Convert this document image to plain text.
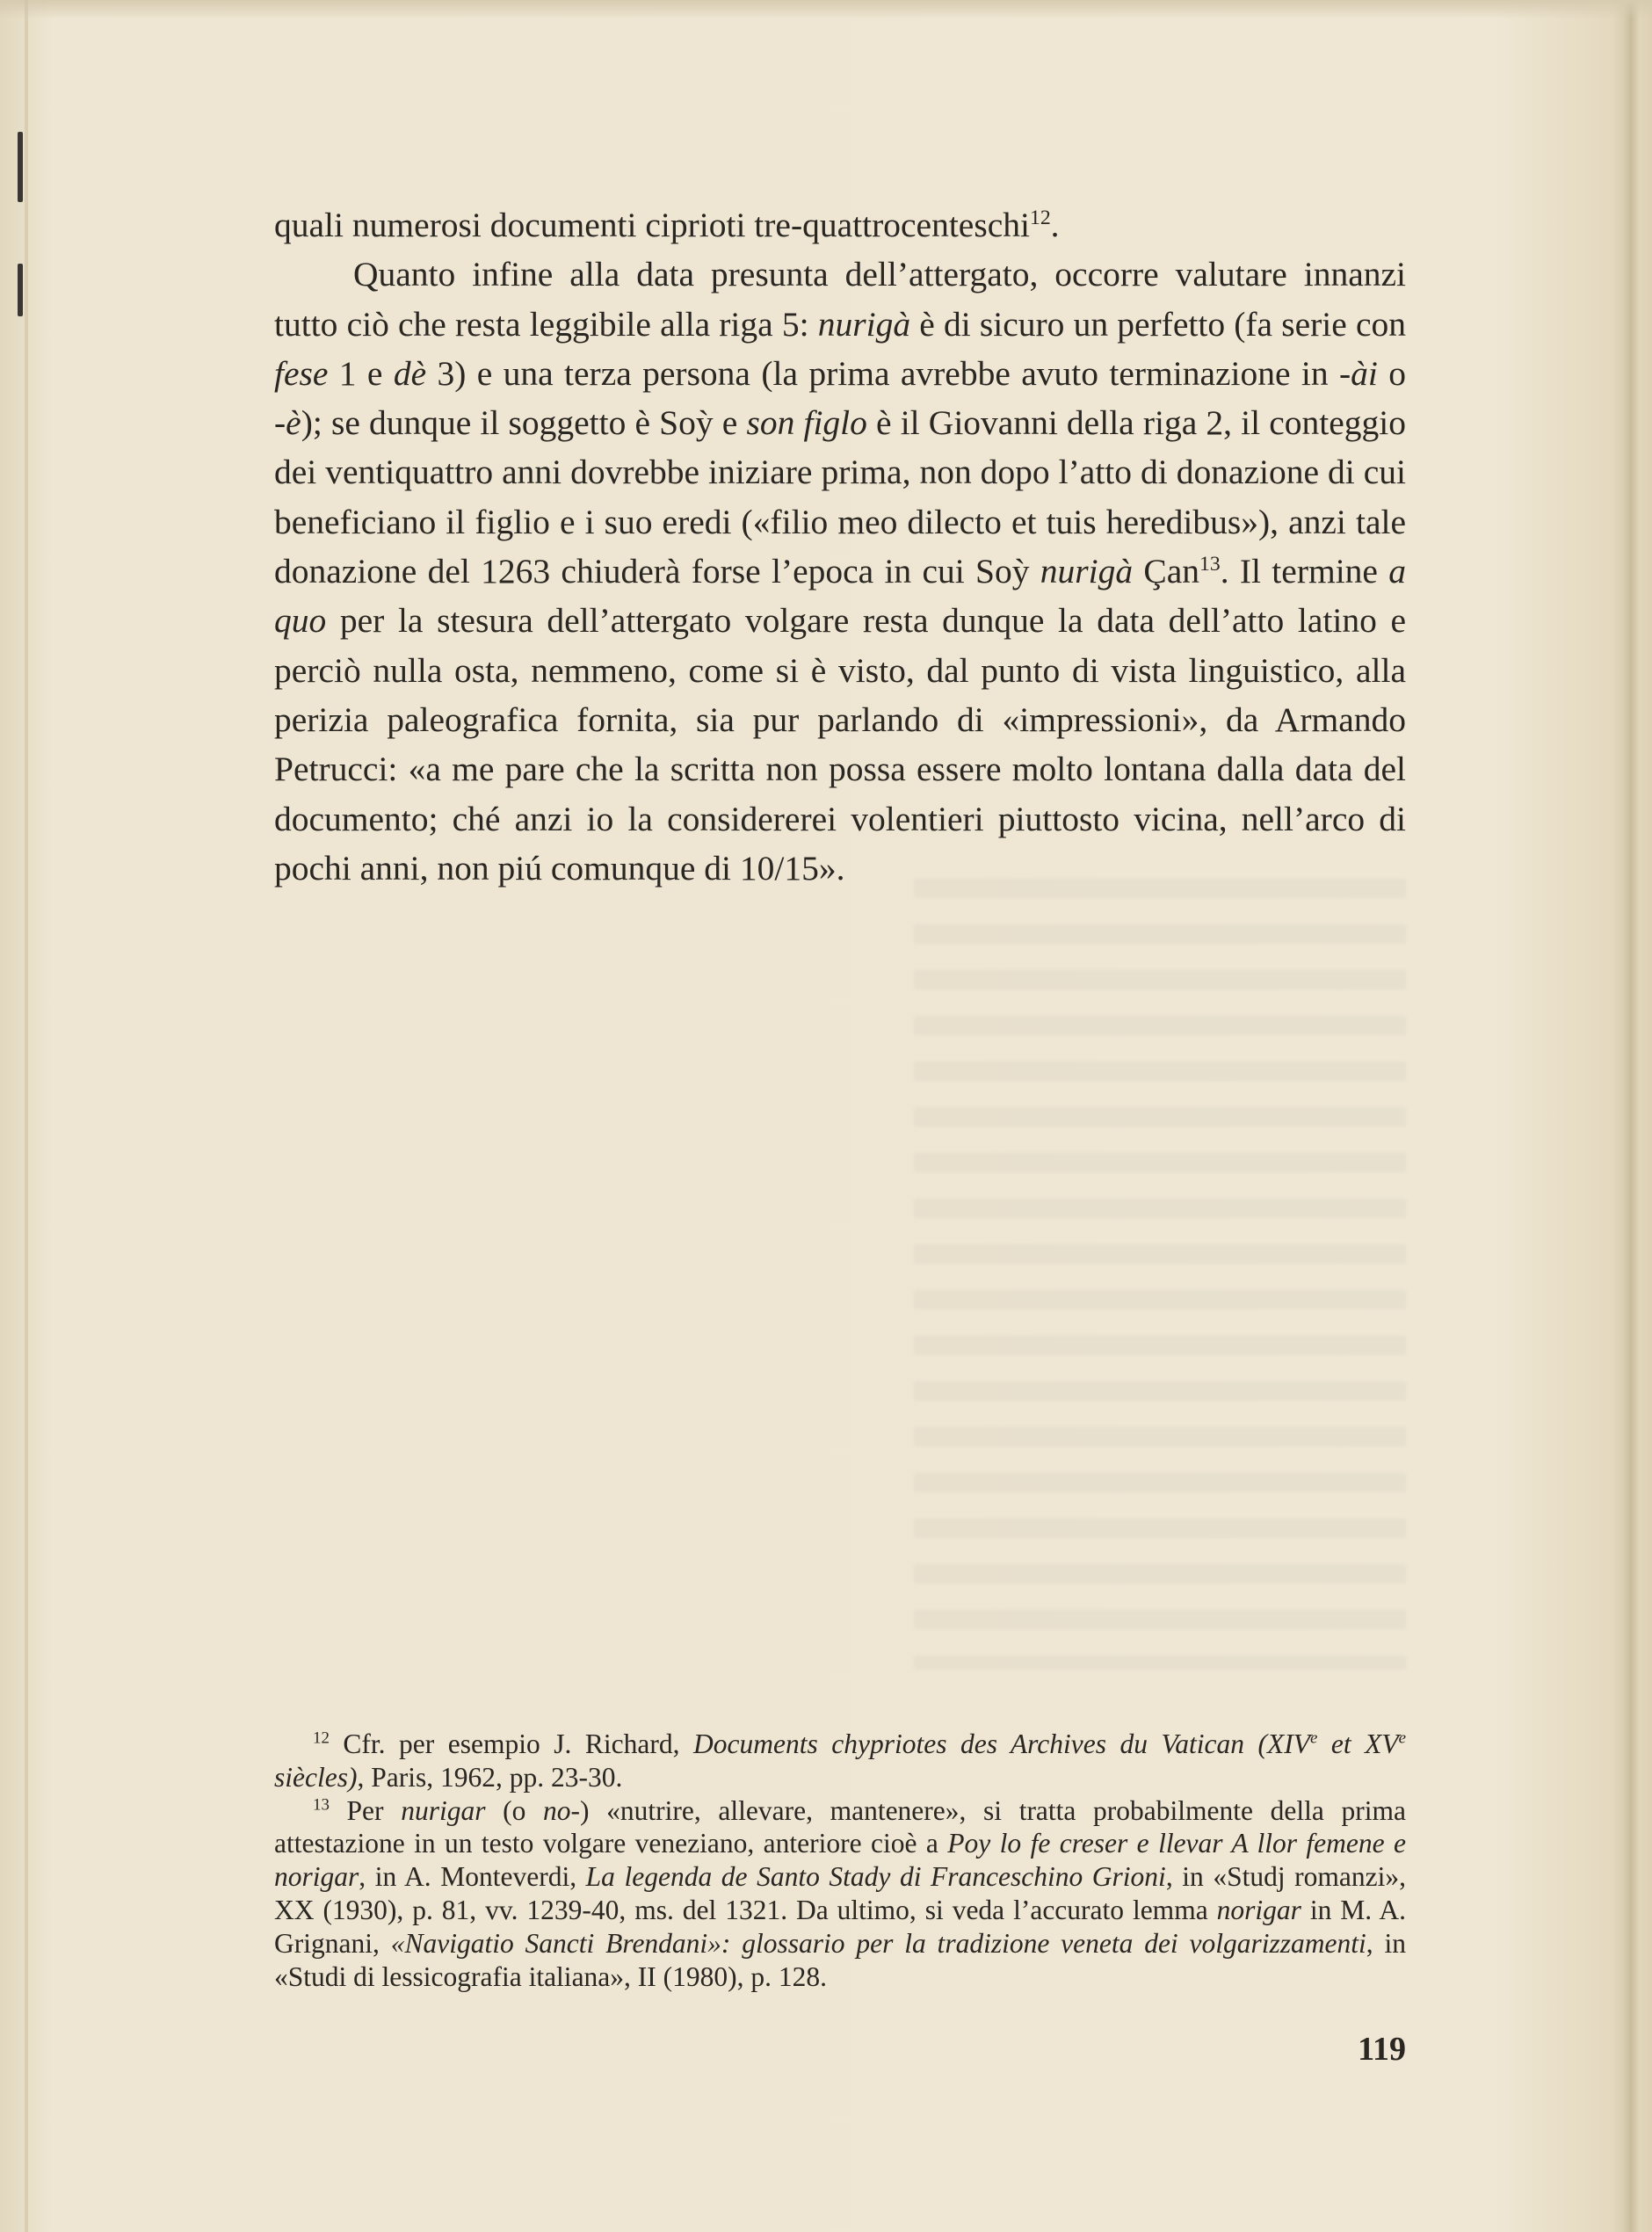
quali numerosi documenti ciprioti tre-quattrocenteschi$^{12}$.

Quanto infine alla data presunta dell’attergato, occorre valutare innanzi tutto ciò che resta leggibile alla riga 5: nurigà è di sicuro un perfetto (fa serie con fese 1 e dè 3) e una terza persona (la prima avrebbe avuto terminazione in -ài o -è); se dunque il soggetto è Soỳ e son figlo è il Giovanni della riga 2, il conteggio dei ventiquattro anni dovrebbe iniziare prima, non dopo l’atto di donazione di cui beneficiano il figlio e i suo eredi («filio meo dilecto et tuis heredibus»), anzi tale donazione del 1263 chiuderà forse l’epoca in cui Soỳ nurigà Çan$^{13}$. Il termine a quo per la stesura dell’attergato volgare resta dunque la data dell’atto latino e perciò nulla osta, nemmeno, come si è visto, dal punto di vista linguistico, alla perizia paleografica fornita, sia pur parlando di «impressioni», da Armando Petrucci: «a me pare che la scritta non possa essere molto lontana dalla data del documento; ché anzi io la considererei volentieri piuttosto vicina, nell’arco di pochi anni, non piú comunque di 10/15».

$^{12}$ Cfr. per esempio J. Richard, Documents chypriotes des Archives du Vatican (XIVe et XVe siècles), Paris, 1962, pp. 23-30.

$^{13}$ Per nurigar (o no-) «nutrire, allevare, mantenere», si tratta probabilmente della prima attestazione in un testo volgare veneziano, anteriore cioè a Poy lo fe creser e llevar A llor femene e norigar, in A. Monteverdi, La legenda de Santo Stady di Franceschino Grioni, in «Studj romanzi», XX (1930), p. 81, vv. 1239-40, ms. del 1321. Da ultimo, si veda l’accurato lemma norigar in M. A. Grignani, «Navigatio Sancti Brendani»: glossario per la tradizione veneta dei volgarizzamenti, in «Studi di lessicografia italiana», II (1980), p. 128.

119
